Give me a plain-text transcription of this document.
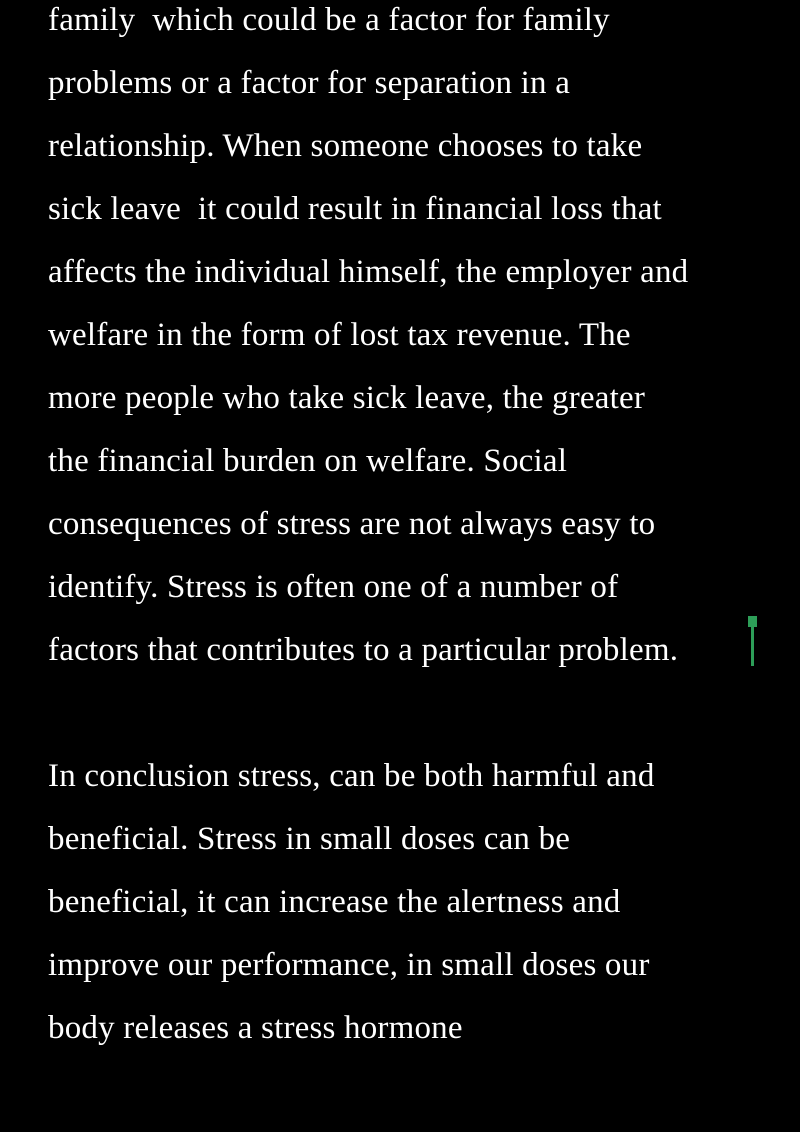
family  which could be a factor for family
problems or a factor for separation in a
relationship. When someone chooses to take
sick leave  it could result in financial loss that
affects the individual himself, the employer and
welfare in the form of lost tax revenue. The
more people who take sick leave, the greater
the financial burden on welfare. Social
consequences of stress are not always easy to
identify. Stress is often one of a number of
factors that contributes to a particular problem.
In conclusion stress, can be both harmful and
beneficial. Stress in small doses can be
beneficial, it can increase the alertness and
improve our performance, in small doses our
body releases a stress hormone
